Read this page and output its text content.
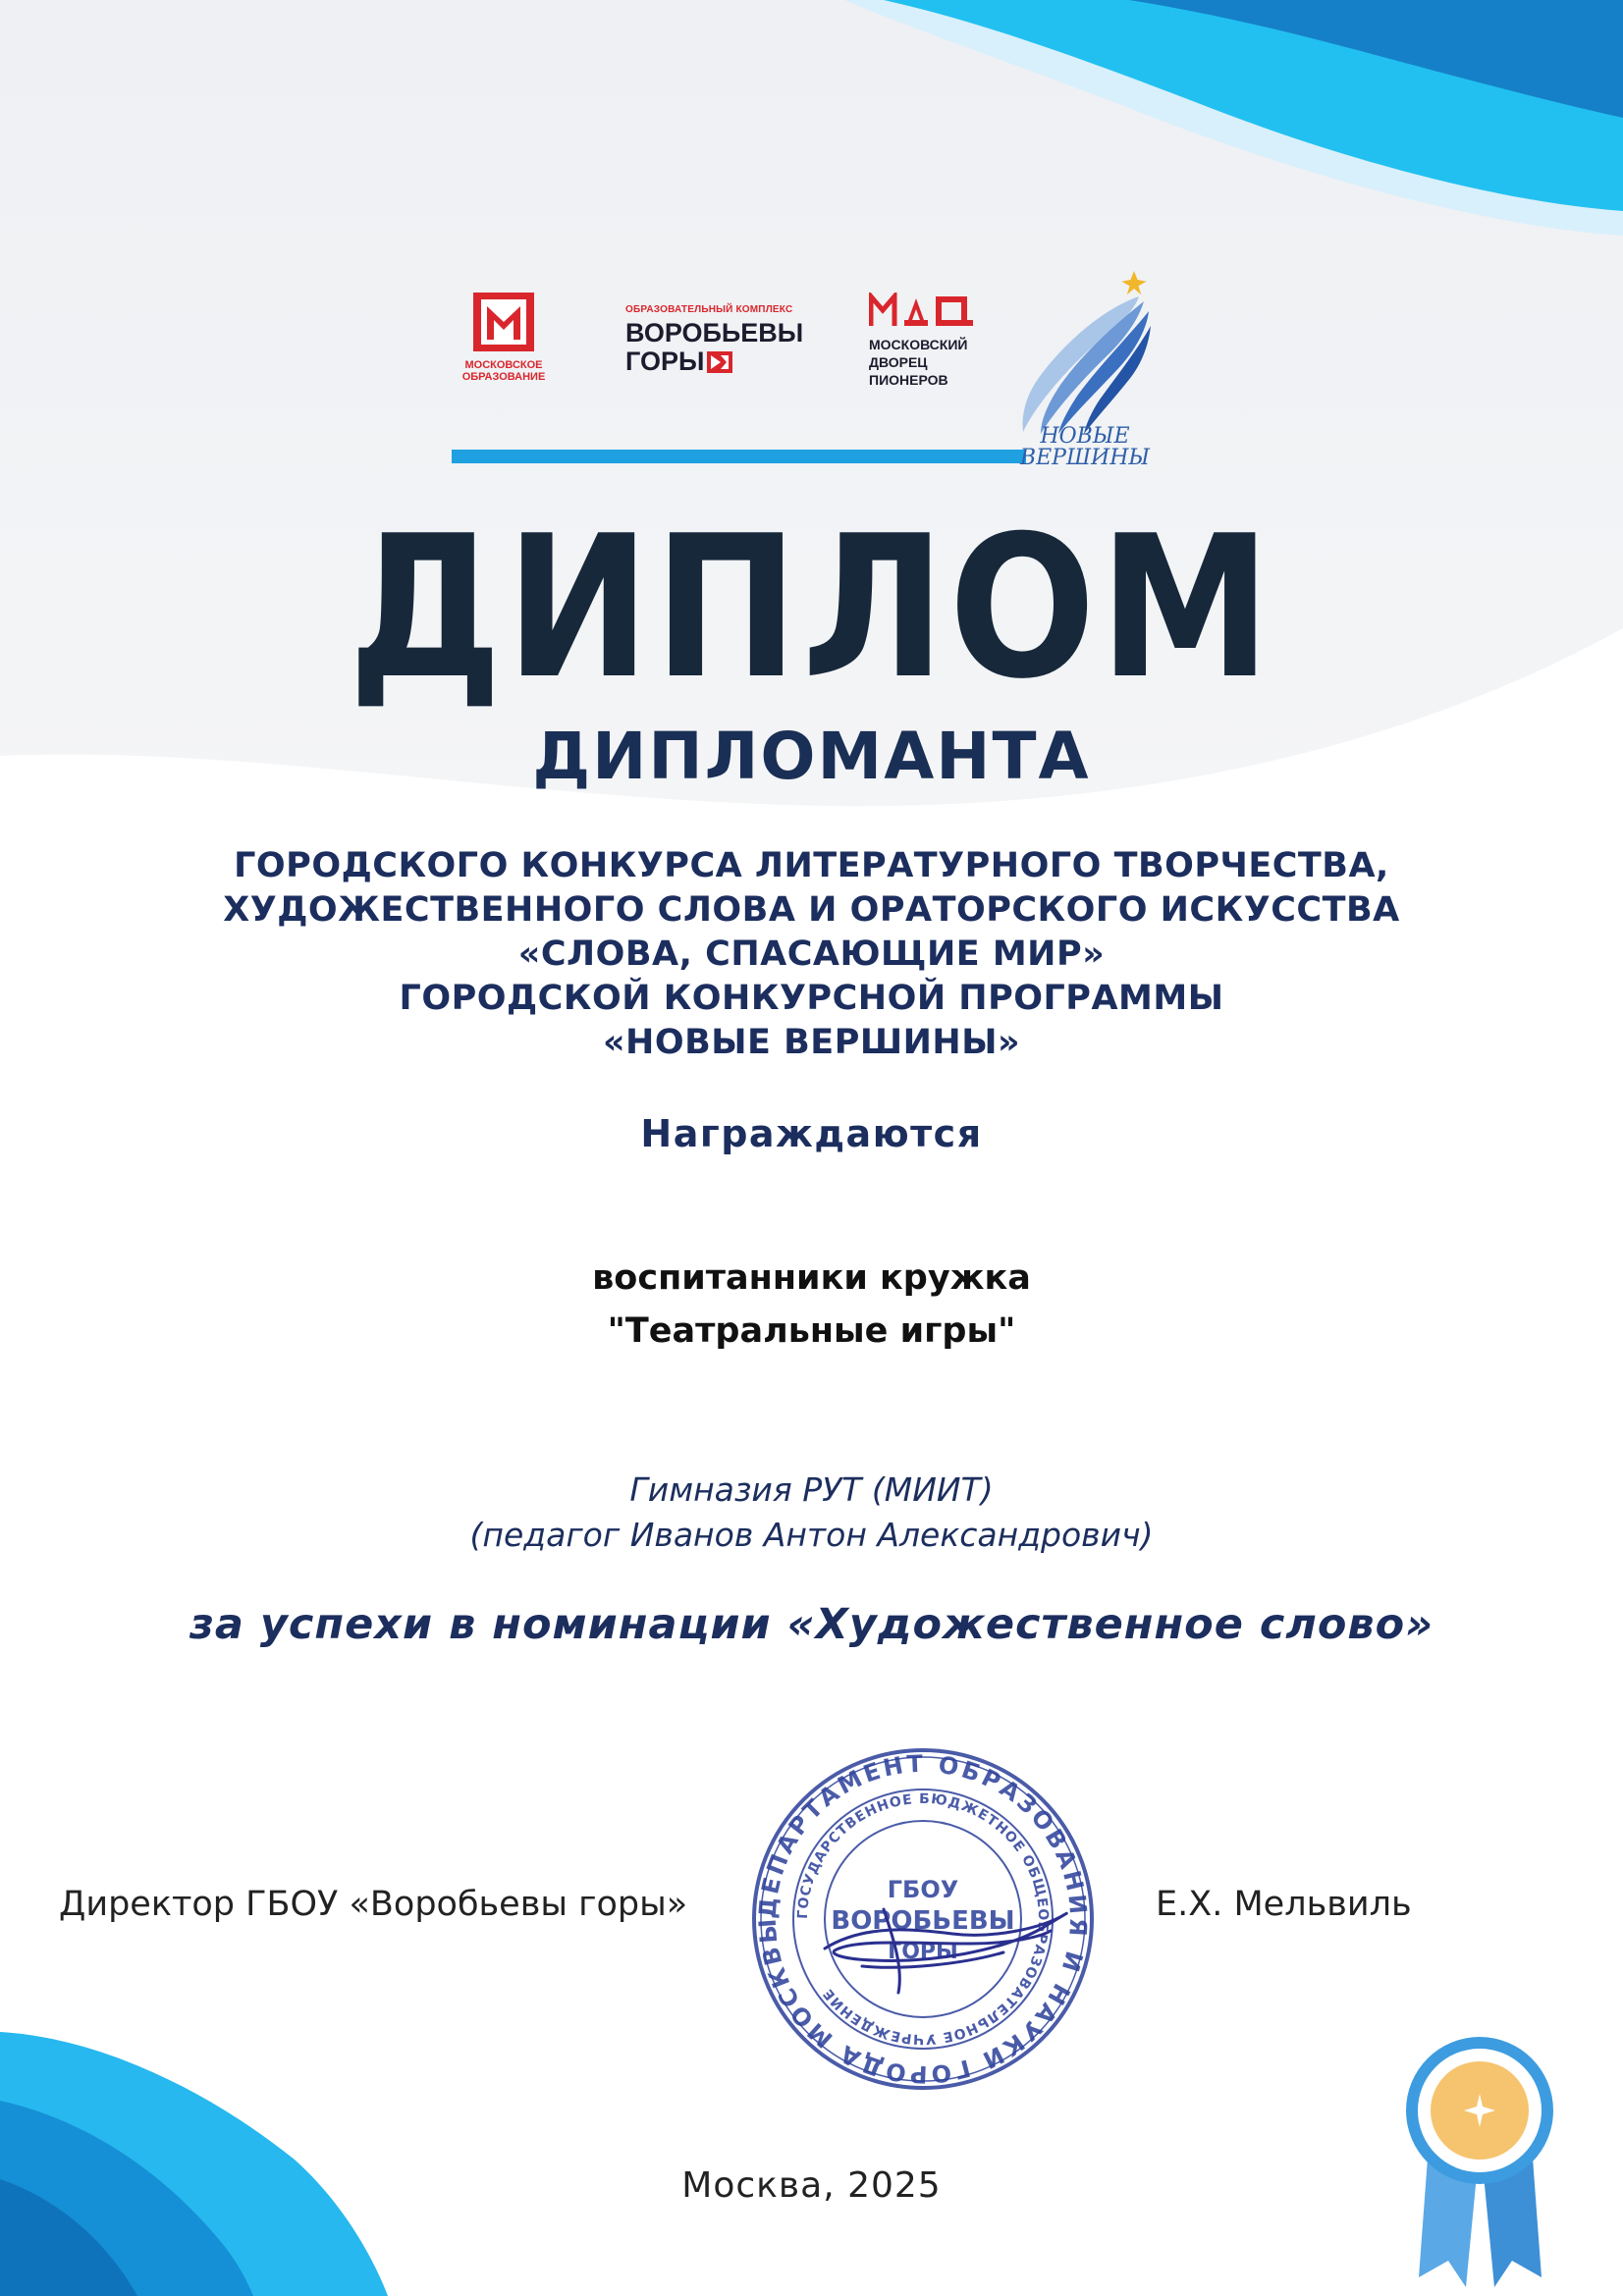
МОСКОВСКОЕ
ОБРАЗОВАНИЕ
ОБРАЗОВАТЕЛЬНЫЙ КОМПЛЕКС
ВОРОБЬЕВЫ
ГОРЫ
МОСКОВСКИЙ
ДВОРЕЦ
ПИОНЕРОВ
НОВЫЕ
ВЕРШИНЫ
ДИПЛОМ
ДИПЛОМАНТА
ГОРОДСКОГО КОНКУРСА ЛИТЕРАТУРНОГО ТВОРЧЕСТВА,
ХУДОЖЕСТВЕННОГО СЛОВА И ОРАТОРСКОГО ИСКУССТВА
«СЛОВА, СПАСАЮЩИЕ МИР»
ГОРОДСКОЙ КОНКУРСНОЙ ПРОГРАММЫ
«НОВЫЕ ВЕРШИНЫ»
Награждаются
воспитанники кружка
"Театральные игры"
Гимназия РУТ (МИИТ)
(педагог Иванов Антон Александрович)
за успехи в номинации «Художественное слово»
Директор ГБОУ «Воробьевы горы»	Е.Х. Мельвиль
ДЕПАРТАМЕНТ ОБРАЗОВАНИЯ И НАУКИ ГОРОДА МОСКВЫ
ГОСУДАРСТВЕННОЕ БЮДЖЕТНОЕ ОБЩЕОБРАЗОВАТЕЛЬНОЕ УЧРЕЖДЕНИЕ
ГБОУ
ВОРОБЬЕВЫ
ГОРЫ
Москва, 2025
